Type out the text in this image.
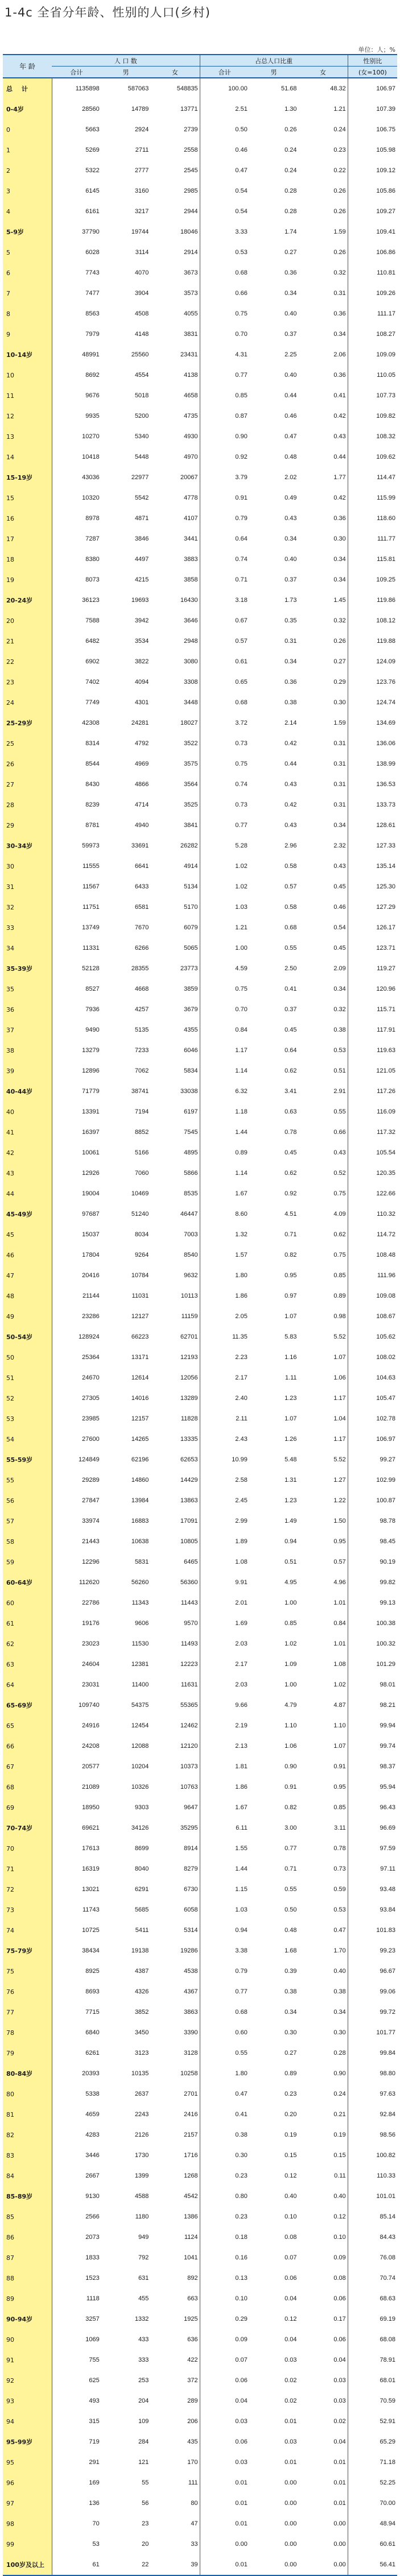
1-4c 全省分年龄、性别的人口(乡村)
单位：人；%
年 龄	人 口 数			占总人口比重			性别比
	合计	男	女	合计	男	女	(女=100)
总 计	1135898	587063	548835	100.00	51.68	48.32	106.97
0-4岁	28560	14789	13771	2.51	1.30	1.21	107.39
0	5663	2924	2739	0.50	0.26	0.24	106.75
1	5269	2711	2558	0.46	0.24	0.23	105.98
2	5322	2777	2545	0.47	0.24	0.22	109.12
3	6145	3160	2985	0.54	0.28	0.26	105.86
4	6161	3217	2944	0.54	0.28	0.26	109.27
5-9岁	37790	19744	18046	3.33	1.74	1.59	109.41
5	6028	3114	2914	0.53	0.27	0.26	106.86
6	7743	4070	3673	0.68	0.36	0.32	110.81
7	7477	3904	3573	0.66	0.34	0.31	109.26
8	8563	4508	4055	0.75	0.40	0.36	111.17
9	7979	4148	3831	0.70	0.37	0.34	108.27
10-14岁	48991	25560	23431	4.31	2.25	2.06	109.09
10	8692	4554	4138	0.77	0.40	0.36	110.05
11	9676	5018	4658	0.85	0.44	0.41	107.73
12	9935	5200	4735	0.87	0.46	0.42	109.82
13	10270	5340	4930	0.90	0.47	0.43	108.32
14	10418	5448	4970	0.92	0.48	0.44	109.62
15-19岁	43036	22977	20067	3.79	2.02	1.77	114.47
15	10320	5542	4778	0.91	0.49	0.42	115.99
16	8978	4871	4107	0.79	0.43	0.36	118.60
17	7287	3846	3441	0.64	0.34	0.30	111.77
18	8380	4497	3883	0.74	0.40	0.34	115.81
19	8073	4215	3858	0.71	0.37	0.34	109.25
20-24岁	36123	19693	16430	3.18	1.73	1.45	119.86
20	7588	3942	3646	0.67	0.35	0.32	108.12
21	6482	3534	2948	0.57	0.31	0.26	119.88
22	6902	3822	3080	0.61	0.34	0.27	124.09
23	7402	4094	3308	0.65	0.36	0.29	123.76
24	7749	4301	3448	0.68	0.38	0.30	124.74
25-29岁	42308	24281	18027	3.72	2.14	1.59	134.69
25	8314	4792	3522	0.73	0.42	0.31	136.06
26	8544	4969	3575	0.75	0.44	0.31	138.99
27	8430	4866	3564	0.74	0.43	0.31	136.53
28	8239	4714	3525	0.73	0.42	0.31	133.73
29	8781	4940	3841	0.77	0.43	0.34	128.61
30-34岁	59973	33691	26282	5.28	2.96	2.32	127.33
30	11555	6641	4914	1.02	0.58	0.43	135.14
31	11567	6433	5134	1.02	0.57	0.45	125.30
32	11751	6581	5170	1.03	0.58	0.46	127.29
33	13749	7670	6079	1.21	0.68	0.54	126.17
34	11331	6266	5065	1.00	0.55	0.45	123.71
35-39岁	52128	28355	23773	4.59	2.50	2.09	119.27
35	8527	4668	3859	0.75	0.41	0.34	120.96
36	7936	4257	3679	0.70	0.37	0.32	115.71
37	9490	5135	4355	0.84	0.45	0.38	117.91
38	13279	7233	6046	1.17	0.64	0.53	119.63
39	12896	7062	5834	1.14	0.62	0.51	121.05
40-44岁	71779	38741	33038	6.32	3.41	2.91	117.26
40	13391	7194	6197	1.18	0.63	0.55	116.09
41	16397	8852	7545	1.44	0.78	0.66	117.32
42	10061	5166	4895	0.89	0.45	0.43	105.54
43	12926	7060	5866	1.14	0.62	0.52	120.35
44	19004	10469	8535	1.67	0.92	0.75	122.66
45-49岁	97687	51240	46447	8.60	4.51	4.09	110.32
45	15037	8034	7003	1.32	0.71	0.62	114.72
46	17804	9264	8540	1.57	0.82	0.75	108.48
47	20416	10784	9632	1.80	0.95	0.85	111.96
48	21144	11031	10113	1.86	0.97	0.89	109.08
49	23286	12127	11159	2.05	1.07	0.98	108.67
50-54岁	128924	66223	62701	11.35	5.83	5.52	105.62
50	25364	13171	12193	2.23	1.16	1.07	108.02
51	24670	12614	12056	2.17	1.11	1.06	104.63
52	27305	14016	13289	2.40	1.23	1.17	105.47
53	23985	12157	11828	2.11	1.07	1.04	102.78
54	27600	14265	13335	2.43	1.26	1.17	106.97
55-59岁	124849	62196	62653	10.99	5.48	5.52	99.27
55	29289	14860	14429	2.58	1.31	1.27	102.99
56	27847	13984	13863	2.45	1.23	1.22	100.87
57	33974	16883	17091	2.99	1.49	1.50	98.78
58	21443	10638	10805	1.89	0.94	0.95	98.45
59	12296	5831	6465	1.08	0.51	0.57	90.19
60-64岁	112620	56260	56360	9.91	4.95	4.96	99.82
60	22786	11343	11443	2.01	1.00	1.01	99.13
61	19176	9606	9570	1.69	0.85	0.84	100.38
62	23023	11530	11493	2.03	1.02	1.01	100.32
63	24604	12381	12223	2.17	1.09	1.08	101.29
64	23031	11400	11631	2.03	1.00	1.02	98.01
65-69岁	109740	54375	55365	9.66	4.79	4.87	98.21
65	24916	12454	12462	2.19	1.10	1.10	99.94
66	24208	12088	12120	2.13	1.06	1.07	99.74
67	20577	10204	10373	1.81	0.90	0.91	98.37
68	21089	10326	10763	1.86	0.91	0.95	95.94
69	18950	9303	9647	1.67	0.82	0.85	96.43
70-74岁	69621	34126	35295	6.11	3.00	3.11	96.69
70	17613	8699	8914	1.55	0.77	0.78	97.59
71	16319	8040	8279	1.44	0.71	0.73	97.11
72	13021	6291	6730	1.15	0.55	0.59	93.48
73	11743	5685	6058	1.03	0.50	0.53	93.84
74	10725	5411	5314	0.94	0.48	0.47	101.83
75-79岁	38434	19138	19286	3.38	1.68	1.70	99.23
75	8925	4387	4538	0.79	0.39	0.40	96.67
76	8693	4326	4367	0.77	0.38	0.38	99.06
77	7715	3852	3863	0.68	0.34	0.34	99.72
78	6840	3450	3390	0.60	0.30	0.30	101.77
79	6261	3123	3128	0.55	0.27	0.28	99.84
80-84岁	20393	10135	10258	1.80	0.89	0.90	98.80
80	5338	2637	2701	0.47	0.23	0.24	97.63
81	4659	2243	2416	0.41	0.20	0.21	92.84
82	4283	2126	2157	0.38	0.19	0.19	98.56
83	3446	1730	1716	0.30	0.15	0.15	100.82
84	2667	1399	1268	0.23	0.12	0.11	110.33
85-89岁	9130	4588	4542	0.80	0.40	0.40	101.01
85	2566	1180	1386	0.23	0.10	0.12	85.14
86	2073	949	1124	0.18	0.08	0.10	84.43
87	1833	792	1041	0.16	0.07	0.09	76.08
88	1523	631	892	0.13	0.06	0.08	70.74
89	1118	455	663	0.10	0.04	0.06	68.63
90-94岁	3257	1332	1925	0.29	0.12	0.17	69.19
90	1069	433	636	0.09	0.04	0.06	68.08
91	755	333	422	0.07	0.03	0.04	78.91
92	625	253	372	0.06	0.02	0.03	68.01
93	493	204	289	0.04	0.02	0.03	70.59
94	315	109	206	0.03	0.01	0.02	52.91
95-99岁	719	284	435	0.06	0.03	0.04	65.29
95	291	121	170	0.03	0.01	0.01	71.18
96	169	55	111	0.01	0.00	0.01	52.25
97	136	56	80	0.01	0.00	0.01	70.00
98	70	23	47	0.01	0.00	0.00	48.94
99	53	20	33	0.00	0.00	0.00	60.61
100岁及以上	61	22	39	0.01	0.00	0.00	56.41
